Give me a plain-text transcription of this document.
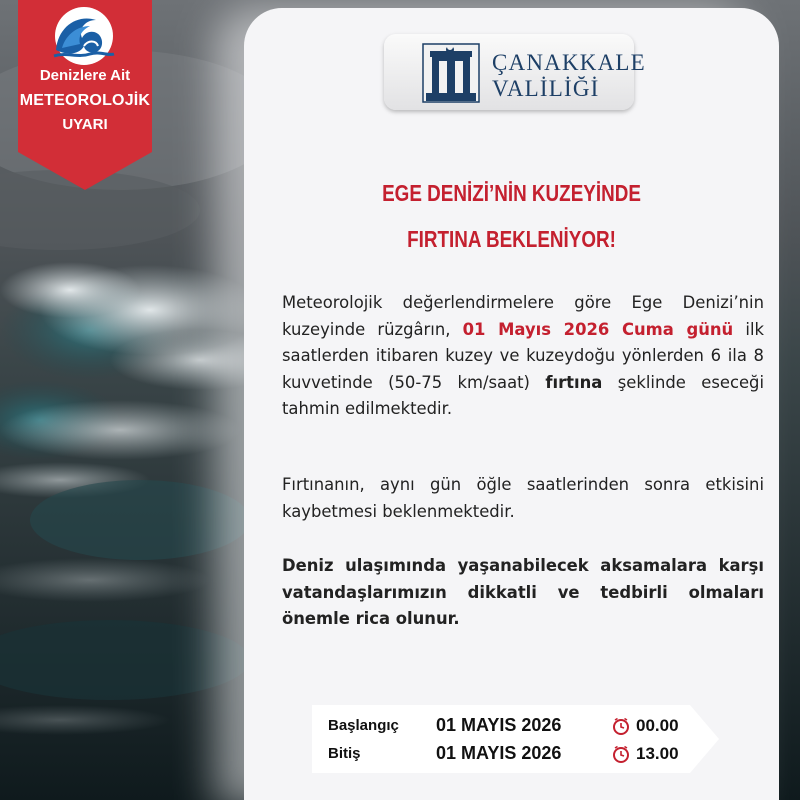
Denizlere Ait
METEOROLOJİK
UYARI
ÇANAKKALE
VALİLİĞİ
EGE DENİZİ’NİN KUZEYİNDE
FIRTINA BEKLENİYOR!
Meteorolojik değerlendirmelere göre Ege Denizi’nin kuzeyinde rüzgârın, 01 Mayıs 2026 Cuma günü ilk saatlerden itibaren kuzey ve kuzeydoğu yönlerden 6 ila 8 kuvvetinde (50-75 km/saat) fırtına şeklinde eseceği tahmin edilmektedir.
Fırtınanın, aynı gün öğle saatlerinden sonra etkisini kaybetmesi beklenmektedir.
Deniz ulaşımında yaşanabilecek aksamalara karşı vatandaşlarımızın dikkatli ve tedbirli olmaları önemle rica olunur.
Başlangıç	01 MAYIS 2026	00.00
Bitiş	01 MAYIS 2026	13.00
